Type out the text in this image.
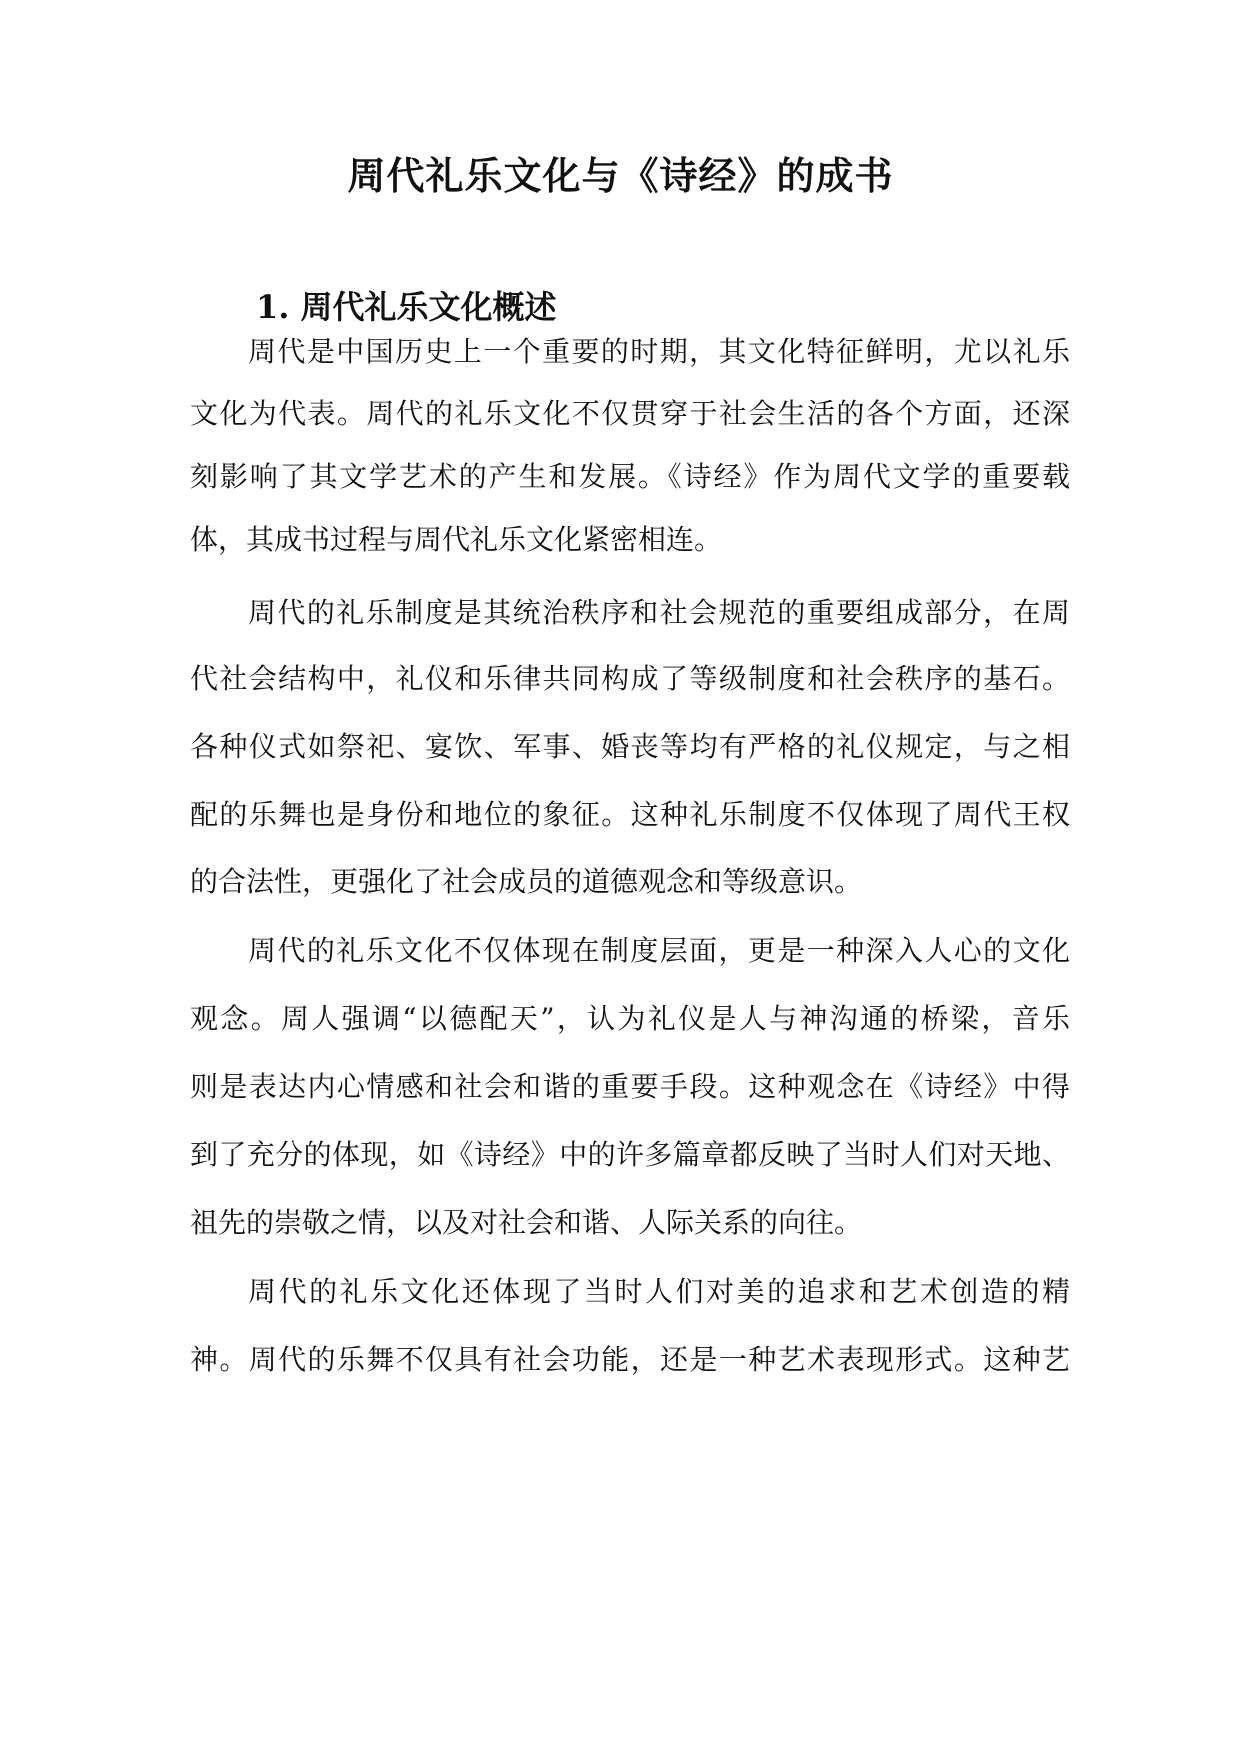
周代礼乐文化与《诗经》的成书
1. 周代礼乐文化概述
周代是中国历史上一个重要的时期，其文化特征鲜明，尤以礼乐
文化为代表。周代的礼乐文化不仅贯穿于社会生活的各个方面，还深
刻影响了其文学艺术的产生和发展。《诗经》作为周代文学的重要载
体，其成书过程与周代礼乐文化紧密相连。
周代的礼乐制度是其统治秩序和社会规范的重要组成部分，在周
代社会结构中，礼仪和乐律共同构成了等级制度和社会秩序的基石。
各种仪式如祭祀、宴饮、军事、婚丧等均有严格的礼仪规定，与之相
配的乐舞也是身份和地位的象征。这种礼乐制度不仅体现了周代王权
的合法性，更强化了社会成员的道德观念和等级意识。
周代的礼乐文化不仅体现在制度层面，更是一种深入人心的文化
观念。周人强调“以德配天”，认为礼仪是人与神沟通的桥梁，音乐
则是表达内心情感和社会和谐的重要手段。这种观念在《诗经》中得
到了充分的体现，如《诗经》中的许多篇章都反映了当时人们对天地、
祖先的崇敬之情，以及对社会和谐、人际关系的向往。
周代的礼乐文化还体现了当时人们对美的追求和艺术创造的精
神。周代的乐舞不仅具有社会功能，还是一种艺术表现形式。这种艺
